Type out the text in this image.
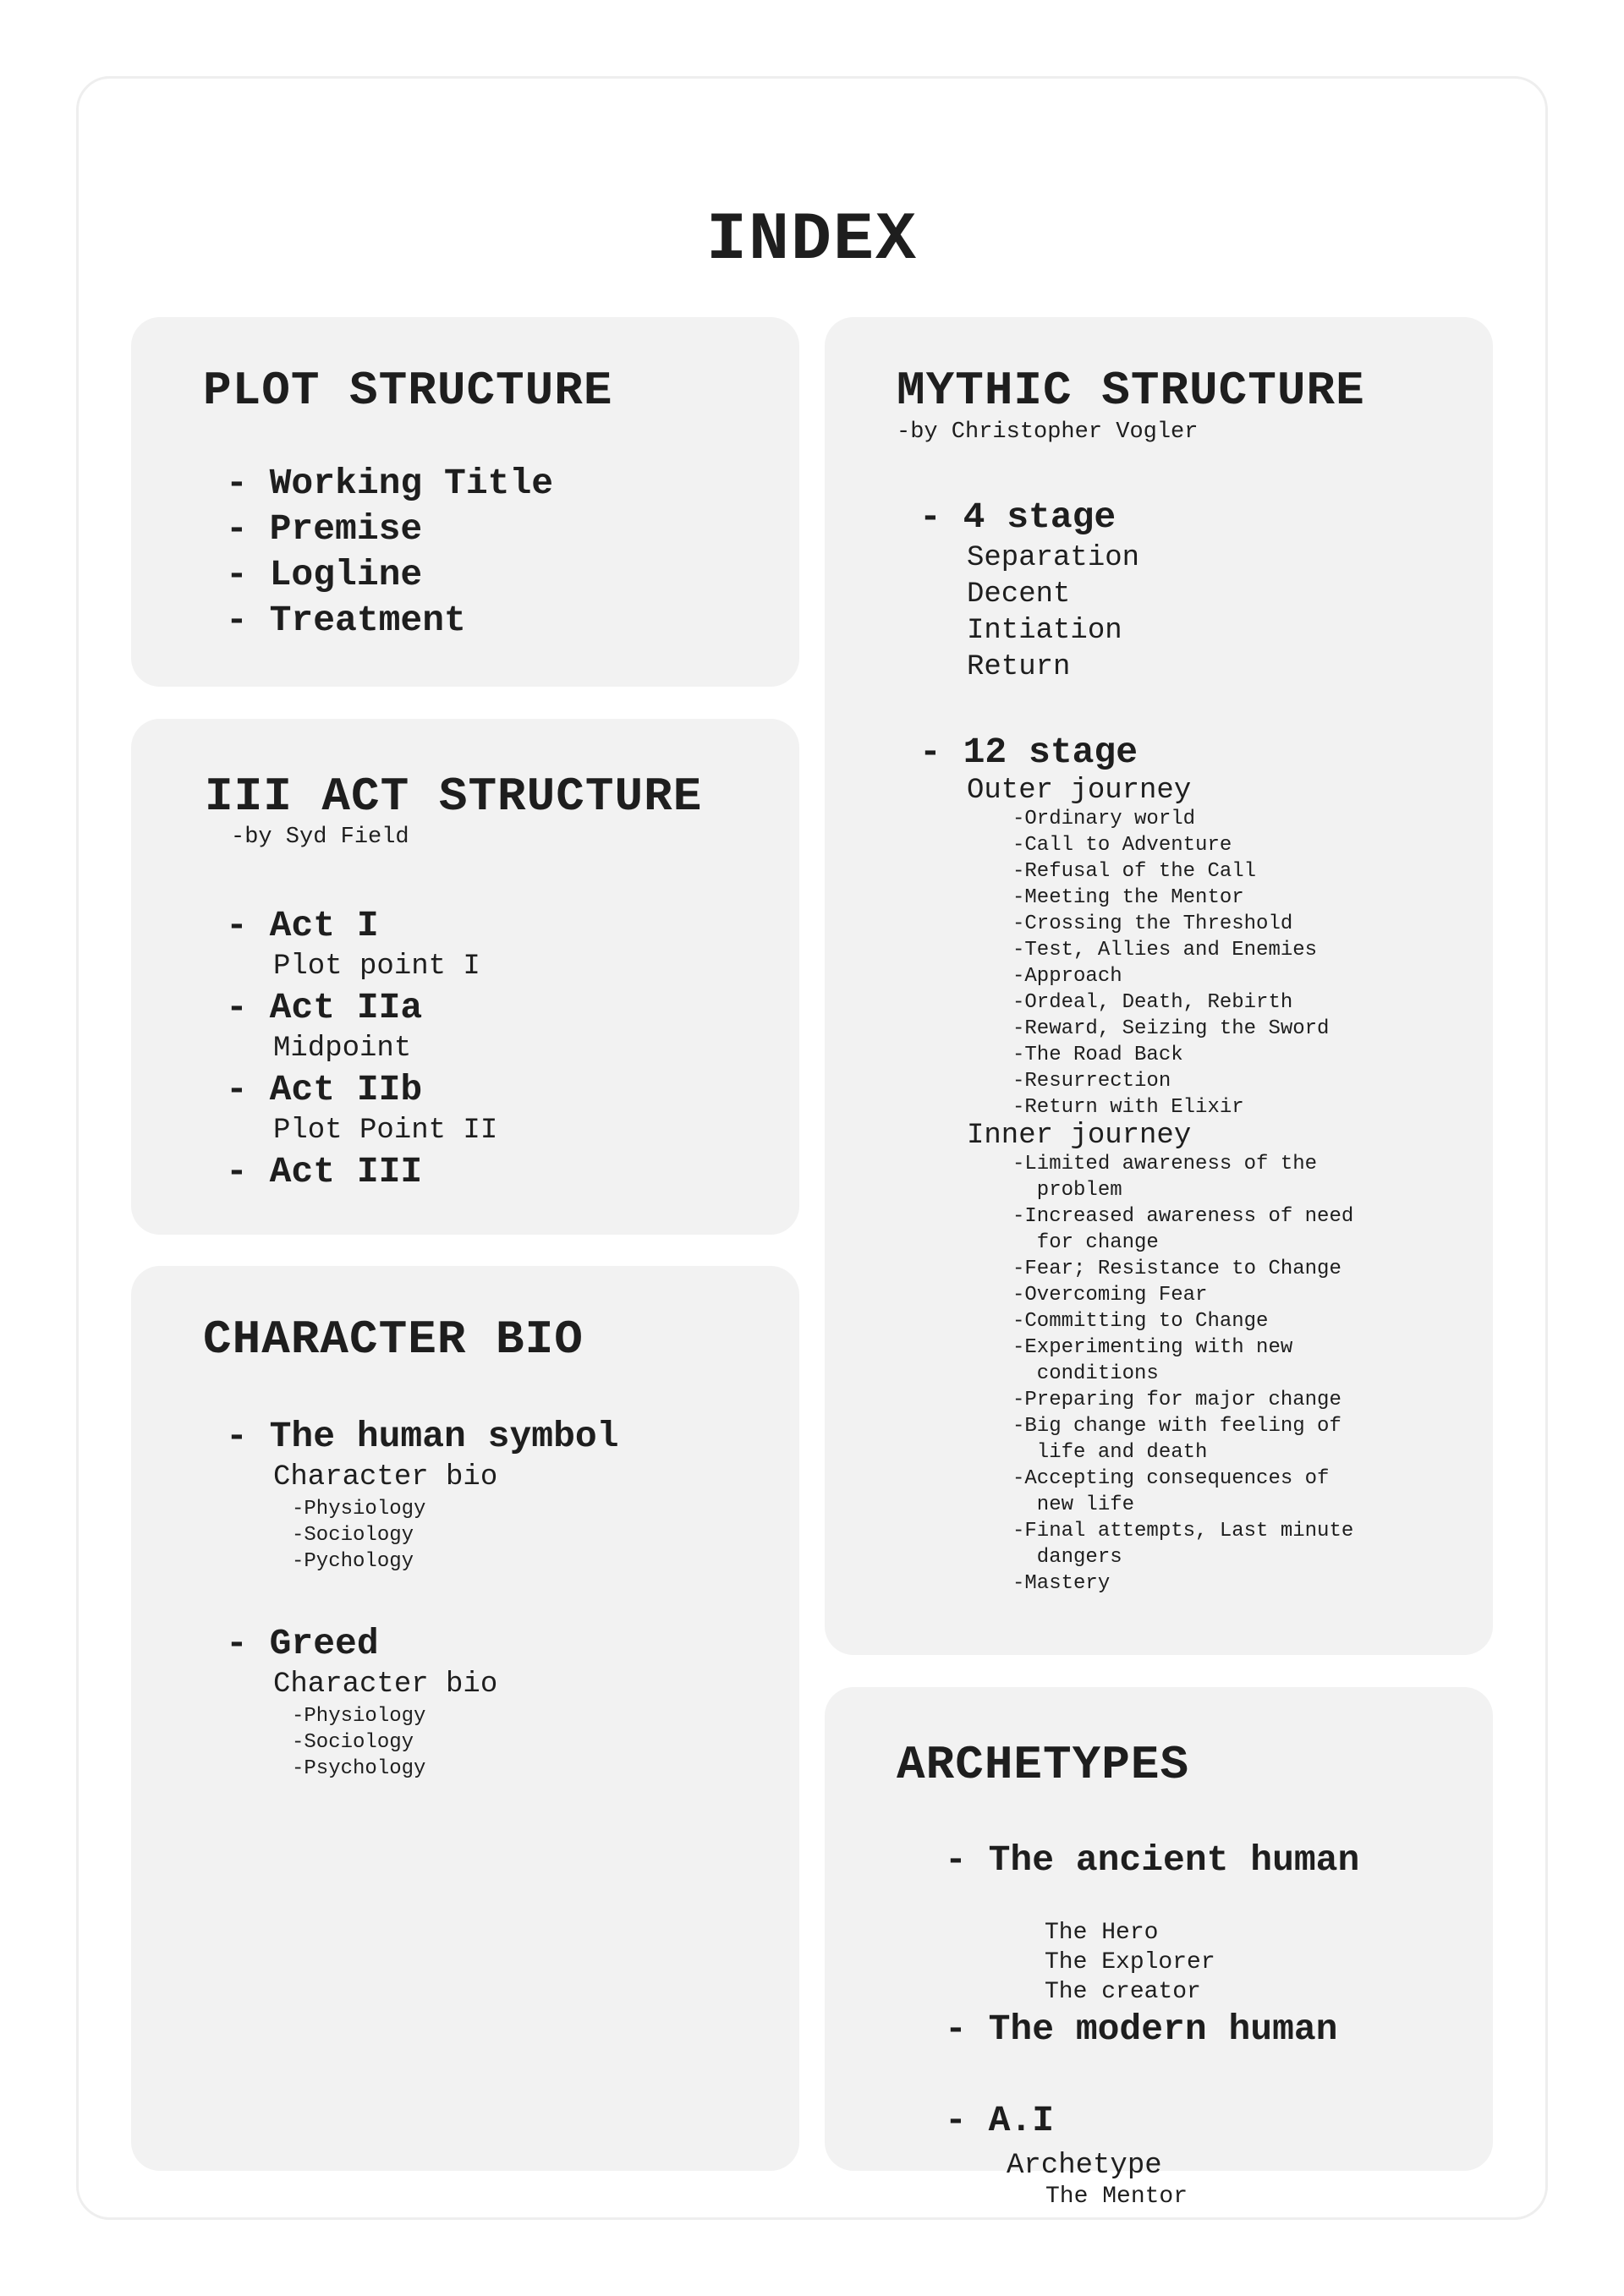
INDEX
PLOT STRUCTURE
- Working Title
- Premise
- Logline
- Treatment
III ACT STRUCTURE
-by Syd Field
- Act I
Plot point I
- Act IIa
Midpoint
- Act IIb
Plot Point II
- Act III
CHARACTER BIO
- The human symbol
Character bio
-Physiology
-Sociology
-Pychology
- Greed
Character bio
-Physiology
-Sociology
-Psychology
MYTHIC STRUCTURE
-by Christopher Vogler
- 4 stage
Separation
Decent
Intiation
Return
- 12 stage
Outer journey
-Ordinary world
-Call to Adventure
-Refusal of the Call
-Meeting the Mentor
-Crossing the Threshold
-Test, Allies and Enemies
-Approach
-Ordeal, Death, Rebirth
-Reward, Seizing the Sword
-The Road Back
-Resurrection
-Return with Elixir
Inner journey
-Limited awareness of the
problem
-Increased awareness of need
for change
-Fear; Resistance to Change
-Overcoming Fear
-Committing to Change
-Experimenting with new
conditions
-Preparing for major change
-Big change with feeling of
life and death
-Accepting consequences of
new life
-Final attempts, Last minute
dangers
-Mastery
ARCHETYPES
- The ancient human
The Hero
The Explorer
The creator
- The modern human
- A.I
Archetype
The Mentor
